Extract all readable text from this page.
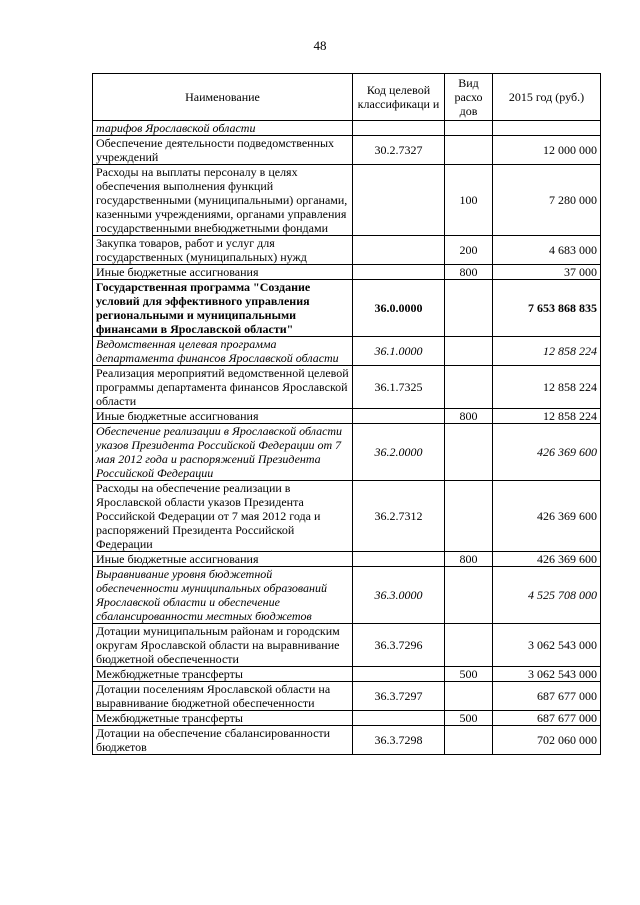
48
Наименование	Код целевой классификаци и	Вид расхо дов	2015 год (руб.)
тарифов Ярославской области			
Обеспечение деятельности подведомственных учреждений	30.2.7327		12 000 000
Расходы на выплаты персоналу в целях обеспечения выполнения функций государственными (муниципальными) органами, казенными учреждениями, органами управления государственными внебюджетными фондами		100	7 280 000
Закупка товаров, работ и услуг для государственных (муниципальных) нужд		200	4 683 000
Иные бюджетные ассигнования		800	37 000
Государственная программа "Создание условий для эффективного управления региональными и муниципальными финансами в Ярославской области"	36.0.0000		7 653 868 835
Ведомственная целевая программа департамента финансов Ярославской области	36.1.0000		12 858 224
Реализация мероприятий ведомственной целевой программы департамента финансов Ярославской области	36.1.7325		12 858 224
Иные бюджетные ассигнования		800	12 858 224
Обеспечение реализации в Ярославской области указов Президента Российской Федерации от 7 мая 2012 года и распоряжений Президента Российской Федерации	36.2.0000		426 369 600
Расходы на обеспечение реализации в Ярославской области указов Президента Российской Федерации от 7 мая 2012 года и распоряжений Президента Российской Федерации	36.2.7312		426 369 600
Иные бюджетные ассигнования		800	426 369 600
Выравнивание уровня бюджетной обеспеченности муниципальных образований Ярославской области и обеспечение сбалансированности местных бюджетов	36.3.0000		4 525 708 000
Дотации муниципальным районам и городским округам Ярославской области на выравнивание бюджетной обеспеченности	36.3.7296		3 062 543 000
Межбюджетные трансферты		500	3 062 543 000
Дотации поселениям Ярославской области на выравнивание бюджетной обеспеченности	36.3.7297		687 677 000
Межбюджетные трансферты		500	687 677 000
Дотации на обеспечение сбалансированности бюджетов	36.3.7298		702 060 000
